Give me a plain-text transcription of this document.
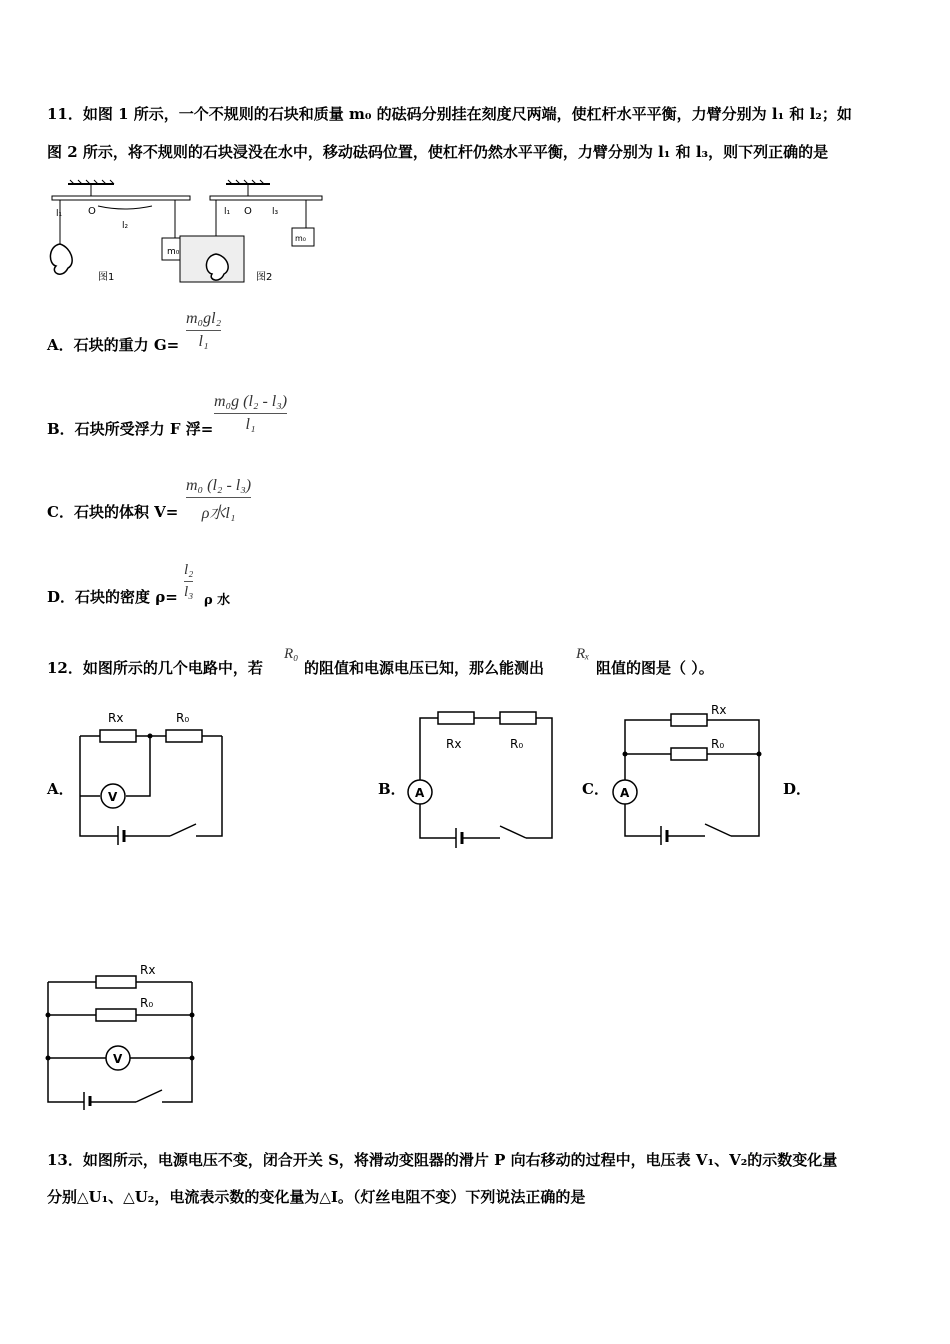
11．如图 1 所示，一个不规则的石块和质量 m₀ 的砝码分别挂在刻度尺两端，使杠杆水平平衡，力臂分别为 l₁ 和 l₂；如
图 2 所示，将不规则的石块浸没在水中，移动砝码位置，使杠杆仍然水平平衡，力臂分别为 l₁ 和 l₃，则下列正确的是
m₀
l₁	O
l₂
图1
m₀
l₁ O l₃
图2
A．石块的重力 G=
m₀gl₂
l₁
B．石块所受浮力 F 浮=
m₀g (l₂ - l₃)
l₁
C．石块的体积 V=
m₀ (l₂ - l₃)
ρ水l₁
D．石块的密度 ρ=
l₂
l₃
ρ 水
12．如图所示的几个电路中，若
R₀
的阻值和电源电压已知，那么能测出
Rₓ
阻值的图是（ ）。
A．	B．	C．	D．
V
Rx	R₀
A
Rx	R₀
A
Rx
R₀
V
Rx
R₀
13．如图所示，电源电压不变，闭合开关 S，将滑动变阻器的滑片 P 向右移动的过程中，电压表 V₁、V₂的示数变化量
分别△U₁、△U₂，电流表示数的变化量为△I。（灯丝电阻不变）下列说法正确的是
